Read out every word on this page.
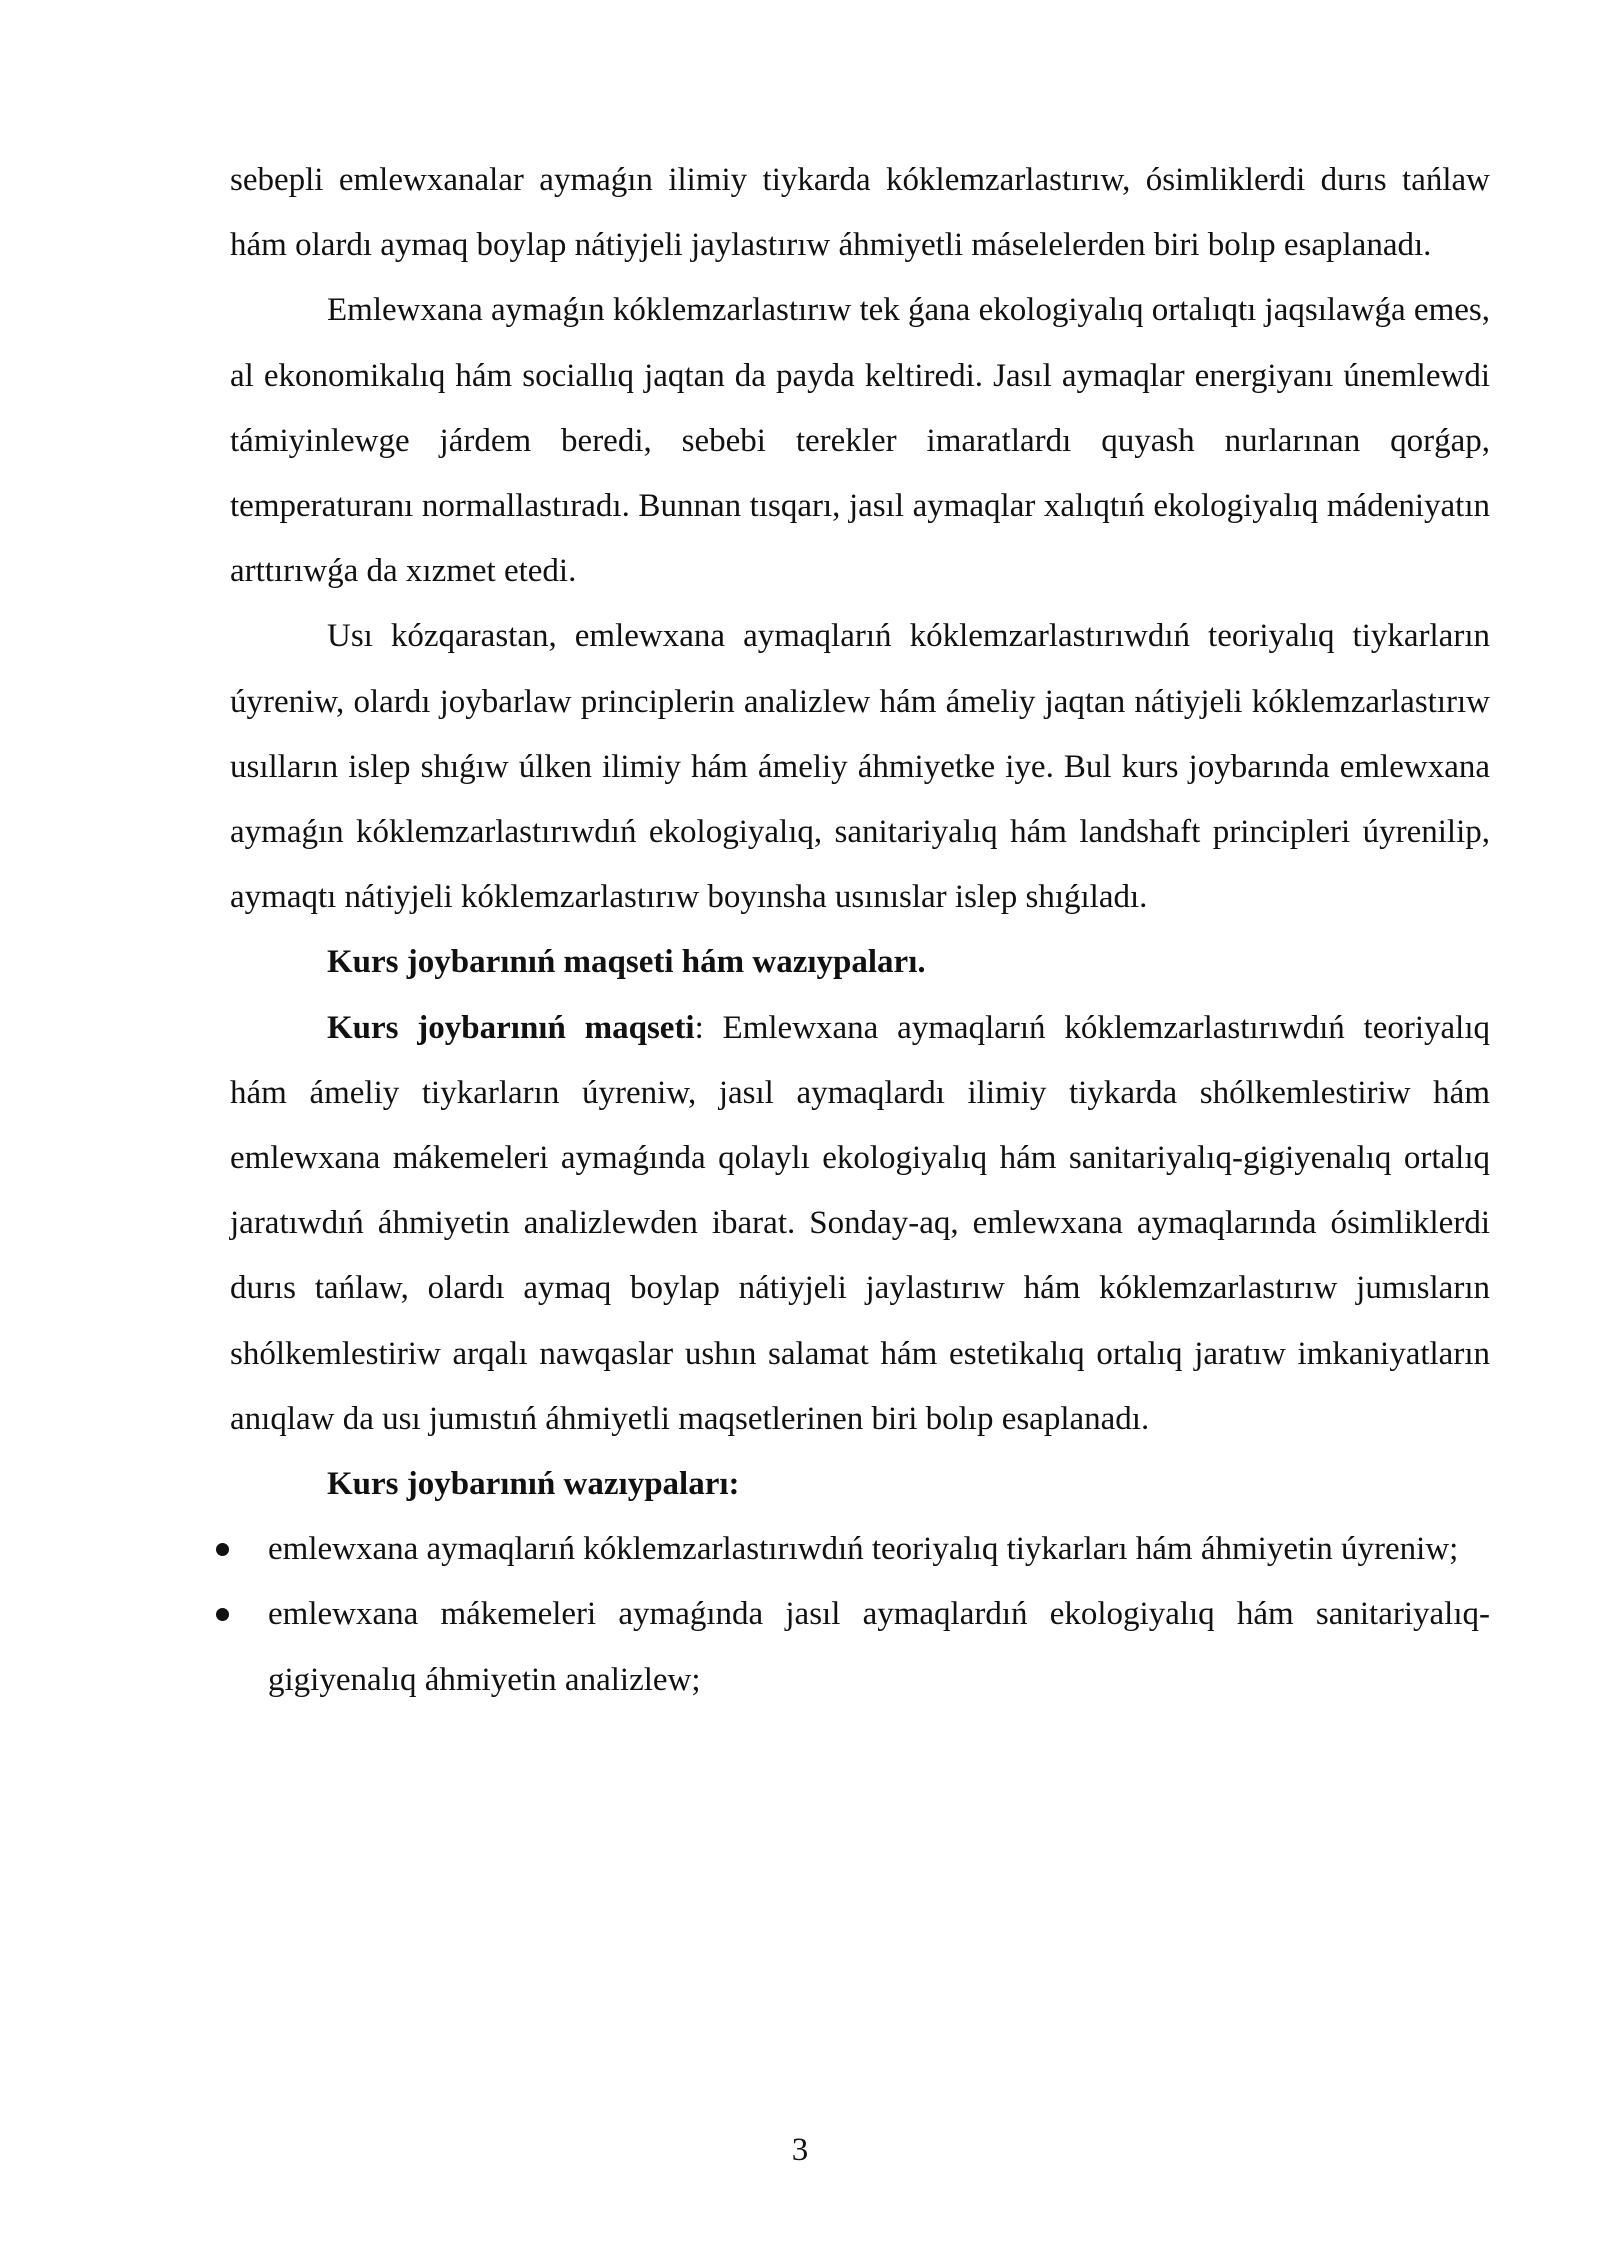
sebepli emlewxanalar aymaǵın ilimiy tiykarda kóklemzarlastırıw, ósimliklerdi durıs tańlaw hám olardı aymaq boylap nátiyjeli jaylastırıw áhmiyetli máselelerden biri bolıp esaplanadı.

Emlewxana aymaǵın kóklemzarlastırıw tek ǵana ekologiyalıq ortalıqtı jaqsılawǵa emes, al ekonomikalıq hám sociallıq jaqtan da payda keltiredi. Jasıl aymaqlar energiyanı únemlewdi támiyinlewge járdem beredi, sebebi terekler imaratlardı quyash nurlarınan qorǵap, temperaturanı normallastıradı. Bunnan tısqarı, jasıl aymaqlar xalıqtıń ekologiyalıq mádeniyatın arttırıwǵa da xızmet etedi.

Usı kózqarastan, emlewxana aymaqlarıń kóklemzarlastırıwdıń teoriyalıq tiykarların úyreniw, olardı joybarlaw principlerin analizlew hám ámeliy jaqtan nátiyjeli kóklemzarlastırıw usılların islep shıǵıw úlken ilimiy hám ámeliy áhmiyetke iye. Bul kurs joybarında emlewxana aymaǵın kóklemzarlastırıwdıń ekologiyalıq, sanitariyalıq hám landshaft principleri úyrenilip, aymaqtı nátiyjeli kóklemzarlastırıw boyınsha usınıslar islep shıǵıladı.

Kurs joybarınıń maqseti hám wazıypaları.

Kurs joybarınıń maqseti: Emlewxana aymaqlarıń kóklemzarlastırıwdıń teoriyalıq hám ámeliy tiykarların úyreniw, jasıl aymaqlardı ilimiy tiykarda shólkemlestiriw hám emlewxana mákemeleri aymaǵında qolaylı ekologiyalıq hám sanitariyalıq-gigiyenalıq ortalıq jaratıwdıń áhmiyetin analizlewden ibarat. Sonday-aq, emlewxana aymaqlarında ósimliklerdi durıs tańlaw, olardı aymaq boylap nátiyjeli jaylastırıw hám kóklemzarlastırıw jumısların shólkemlestiriw arqalı nawqaslar ushın salamat hám estetikalıq ortalıq jaratıw imkaniyatların anıqlaw da usı jumıstıń áhmiyetli maqsetlerinen biri bolıp esaplanadı.

Kurs joybarınıń wazıypaları:

emlewxana aymaqlarıń kóklemzarlastırıwdıń teoriyalıq tiykarları hám áhmiyetin úyreniw;
emlewxana mákemeleri aymaǵında jasıl aymaqlardıń ekologiyalıq hám sanitariyalıq-gigiyenalıq áhmiyetin analizlew;
3
